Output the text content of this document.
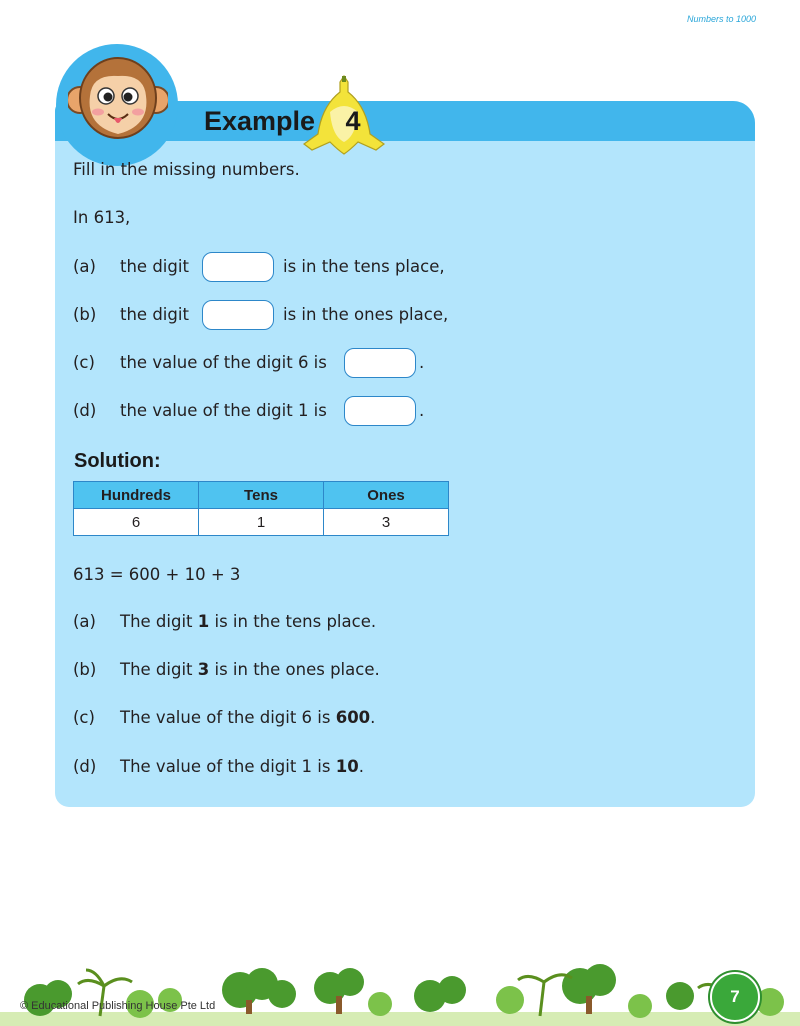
Numbers to 1000
Example 4
Fill in the missing numbers.
In 613,
(a) the digit	is in the tens place,
(b) the digit	is in the ones place,
(c) the value of the digit 6 is	.
(d) the value of the digit 1 is	.
Solution:
Hundreds	Tens	Ones
6	1	3
613 = 600 + 10 + 3
(a) The digit 1 is in the tens place.
(b) The digit 3 is in the ones place.
(c) The value of the digit 6 is 600.
(d) The value of the digit 1 is 10.
© Educational Publishing House Pte Ltd	7
